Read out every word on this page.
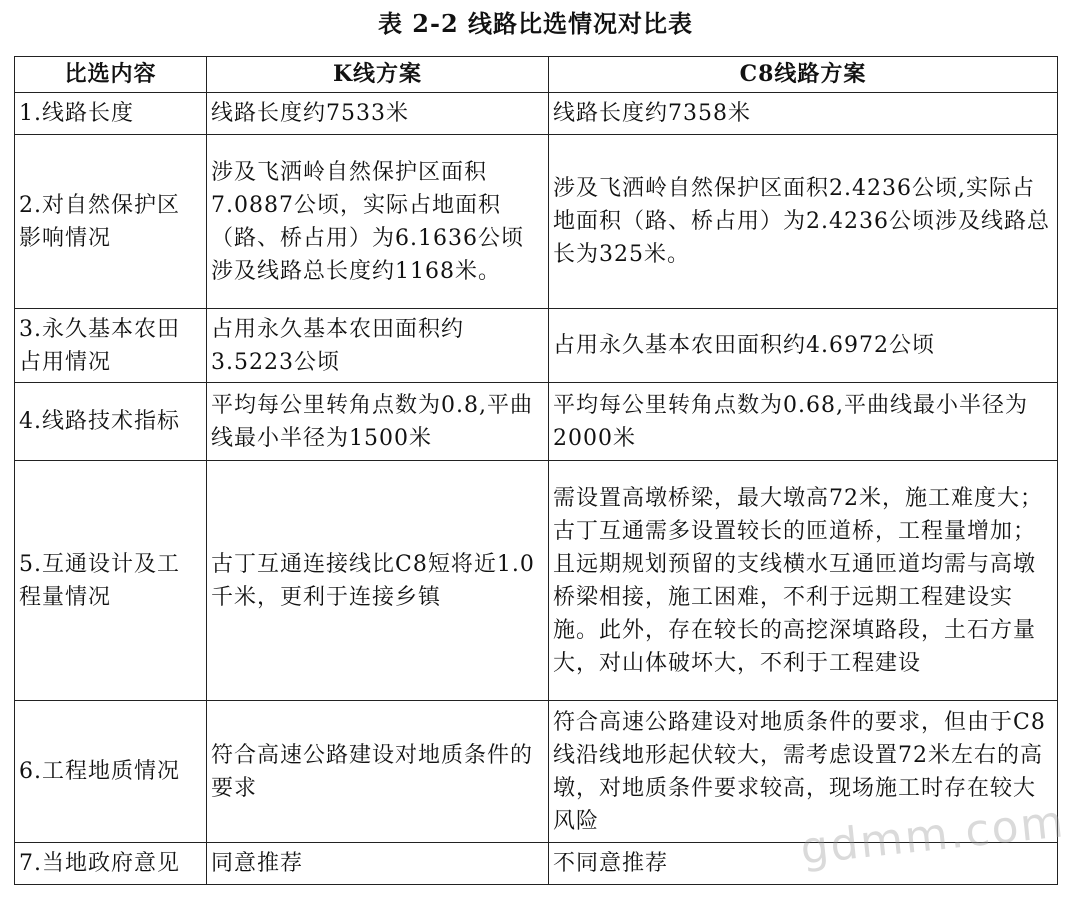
表 2-2 线路比选情况对比表
比选内容	K线方案	C8线路方案
1.线路长度	线路长度约7533米	线路长度约7358米
2.对自然保护区影响情况	涉及飞洒岭自然保护区面积7.0887公顷，实际占地面积（路、桥占用）为6.1636公顷涉及线路总长度约1168米。	涉及飞洒岭自然保护区面积2.4236公顷,实际占地面积（路、桥占用）为2.4236公顷涉及线路总长为325米。
3.永久基本农田占用情况	占用永久基本农田面积约3.5223公顷	占用永久基本农田面积约4.6972公顷
4.线路技术指标	平均每公里转角点数为0.8,平曲线最小半径为1500米	平均每公里转角点数为0.68,平曲线最小半径为2000米
5.互通设计及工程量情况	古丁互通连接线比C8短将近1.0千米，更利于连接乡镇	需设置高墩桥梁，最大墩高72米，施工难度大；古丁互通需多设置较长的匝道桥，工程量增加；且远期规划预留的支线横水互通匝道均需与高墩桥梁相接，施工困难，不利于远期工程建设实施。此外，存在较长的高挖深填路段，土石方量大，对山体破坏大，不利于工程建设
6.工程地质情况	符合高速公路建设对地质条件的要求	符合高速公路建设对地质条件的要求，但由于C8线沿线地形起伏较大，需考虑设置72米左右的高墩，对地质条件要求较高，现场施工时存在较大风险
7.当地政府意见	同意推荐	不同意推荐	gdmm.com
